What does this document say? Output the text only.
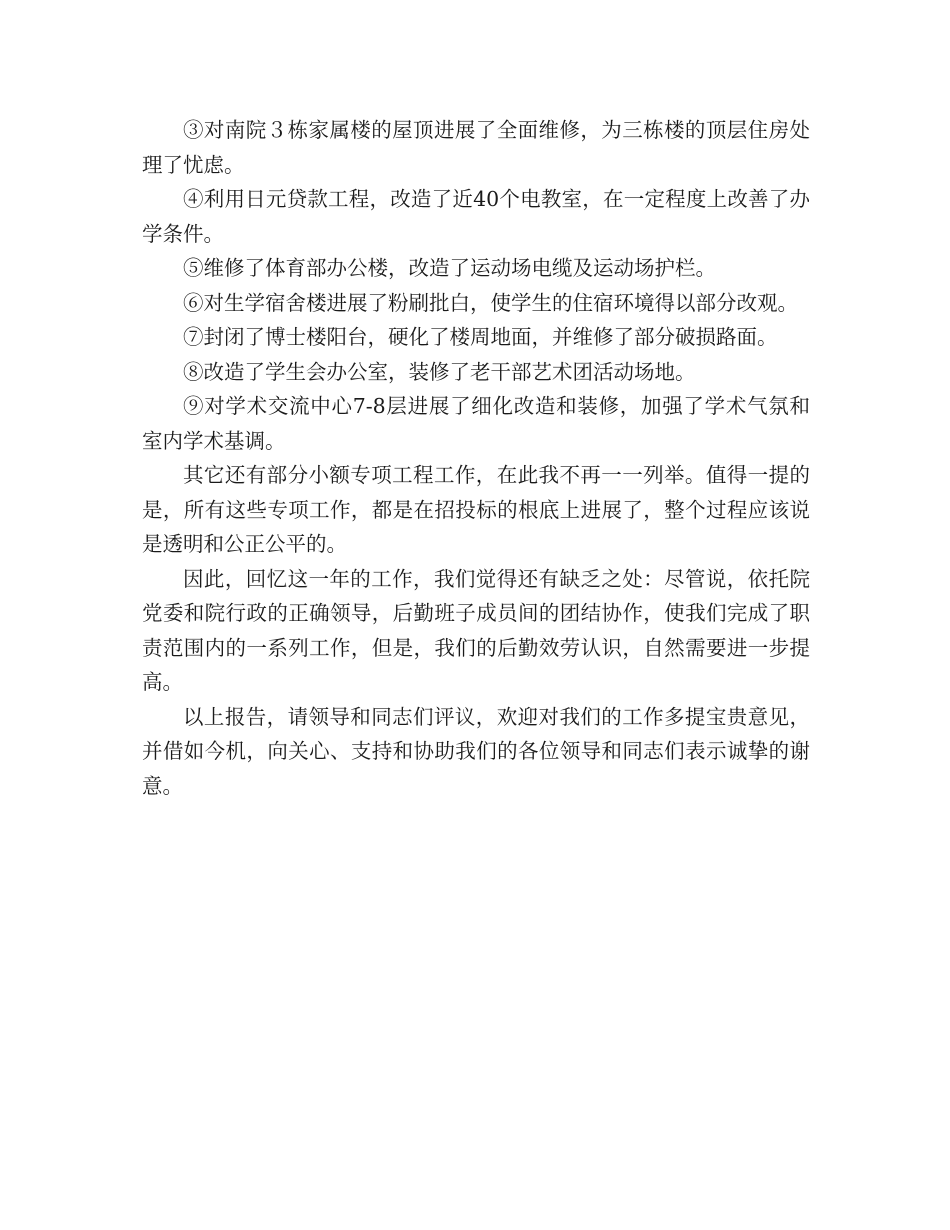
③对南院３栋家属楼的屋顶进展了全面维修，为三栋楼的顶层住房处理了忧虑。

④利用日元贷款工程，改造了近40个电教室，在一定程度上改善了办学条件。

⑤维修了体育部办公楼，改造了运动场电缆及运动场护栏。

⑥对生学宿舍楼进展了粉刷批白，使学生的住宿环境得以部分改观。

⑦封闭了博士楼阳台，硬化了楼周地面，并维修了部分破损路面。

⑧改造了学生会办公室，装修了老干部艺术团活动场地。

⑨对学术交流中心7-8层进展了细化改造和装修，加强了学术气氛和室内学术基调。

其它还有部分小额专项工程工作，在此我不再一一列举。值得一提的是，所有这些专项工作，都是在招投标的根底上进展了，整个过程应该说是透明和公正公平的。

因此，回忆这一年的工作，我们觉得还有缺乏之处：尽管说，依托院党委和院行政的正确领导，后勤班子成员间的团结协作，使我们完成了职责范围内的一系列工作，但是，我们的后勤效劳认识，自然需要进一步提高。

以上报告，请领导和同志们评议，欢迎对我们的工作多提宝贵意见，并借如今机，向关心、支持和协助我们的各位领导和同志们表示诚挚的谢意。
